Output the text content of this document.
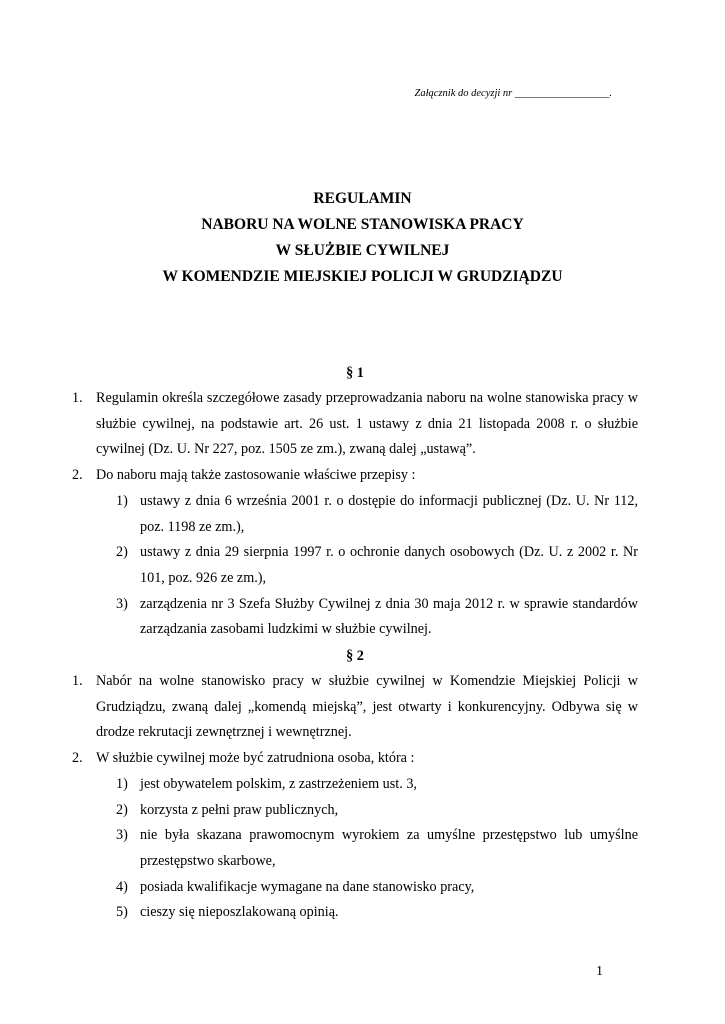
Załącznik do decyzji nr __________________.
REGULAMIN
NABORU NA WOLNE STANOWISKA PRACY
W SŁUŻBIE CYWILNEJ
W KOMENDZIE MIEJSKIEJ POLICJI W GRUDZIĄDZU
§ 1
1. Regulamin określa szczegółowe zasady przeprowadzania naboru na wolne stanowiska pracy w służbie cywilnej, na podstawie art. 26 ust. 1 ustawy z dnia 21 listopada 2008 r. o służbie cywilnej (Dz. U. Nr 227, poz. 1505 ze zm.), zwaną dalej „ustawą”.
2. Do naboru mają także zastosowanie właściwe przepisy :
1) ustawy z dnia 6 września 2001 r. o dostępie do informacji publicznej (Dz. U. Nr 112, poz. 1198 ze zm.),
2) ustawy z dnia 29 sierpnia 1997 r. o ochronie danych osobowych (Dz. U. z 2002 r. Nr 101, poz. 926 ze zm.),
3) zarządzenia nr 3 Szefa Służby Cywilnej z dnia 30 maja 2012 r. w sprawie standardów zarządzania zasobami ludzkimi w służbie cywilnej.
§ 2
1. Nabór na wolne stanowisko pracy w służbie cywilnej w Komendzie Miejskiej Policji w Grudziądzu, zwaną dalej „komendą miejską”, jest otwarty i konkurencyjny. Odbywa się w drodze rekrutacji zewnętrznej i wewnętrznej.
2. W służbie cywilnej może być zatrudniona osoba, która :
1) jest obywatelem polskim, z zastrzeżeniem ust. 3,
2) korzysta z pełni praw publicznych,
3) nie była skazana prawomocnym wyrokiem za umyślne przestępstwo lub umyślne przestępstwo skarbowe,
4) posiada kwalifikacje wymagane na dane stanowisko pracy,
5) cieszy się nieposzlakowaną opinią.
1
